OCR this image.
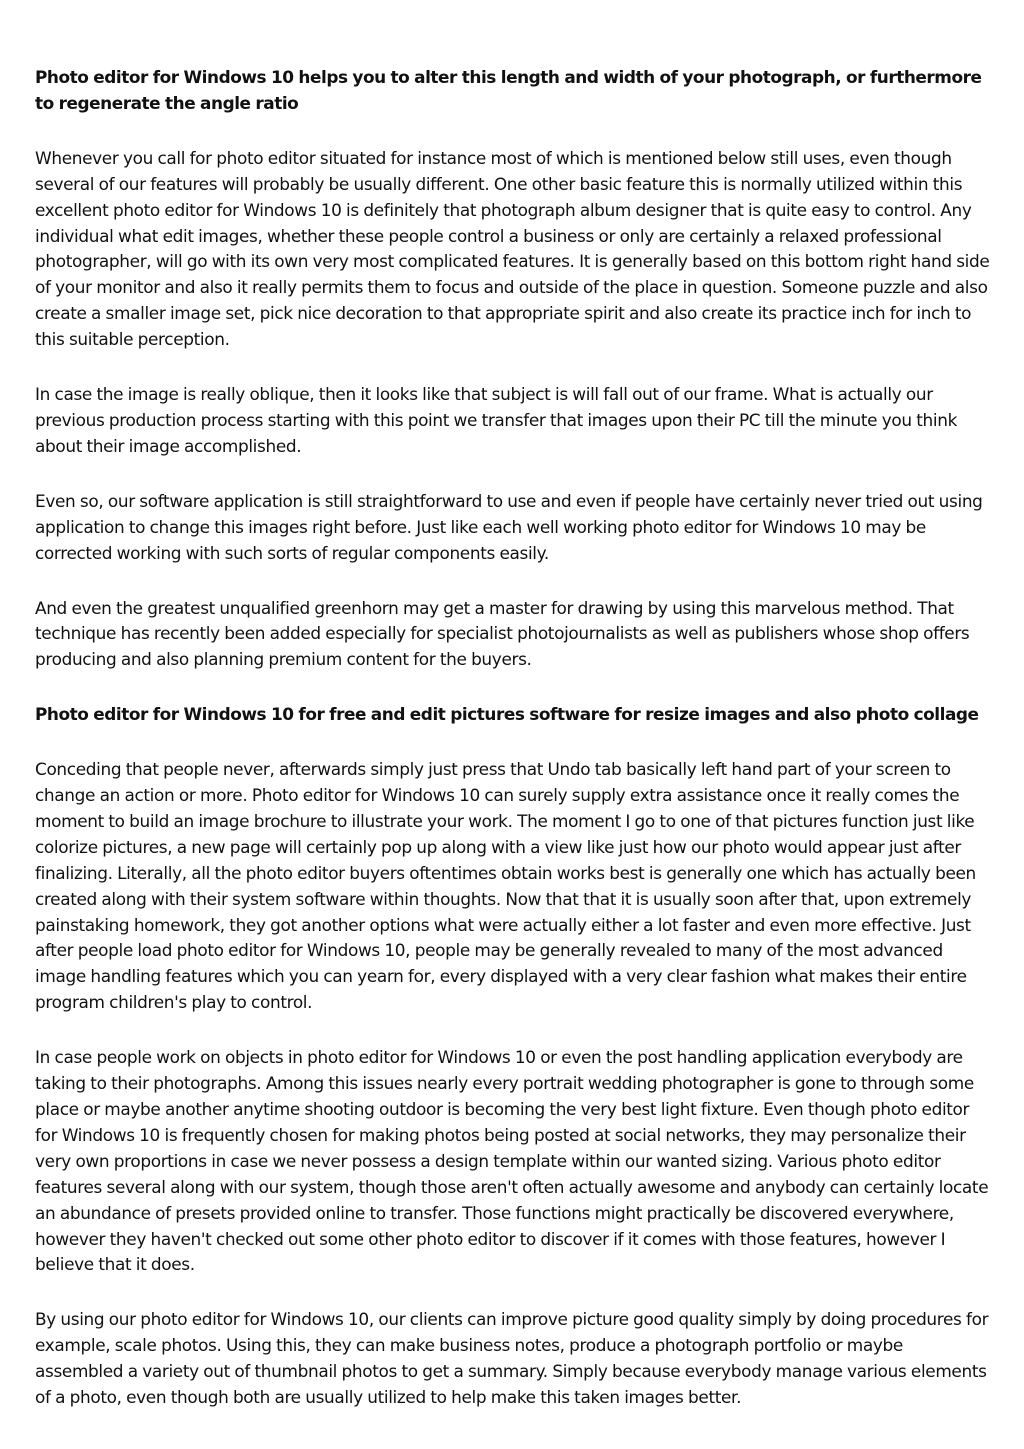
Photo editor for Windows 10 helps you to alter this length and width of your photograph, or furthermore to regenerate the angle ratio

Whenever you call for photo editor situated for instance most of which is mentioned below still uses, even though several of our features will probably be usually different. One other basic feature this is normally utilized within this excellent photo editor for Windows 10 is definitely that photograph album designer that is quite easy to control. Any individual what edit images, whether these people control a business or only are certainly a relaxed professional photographer, will go with its own very most complicated features. It is generally based on this bottom right hand side of your monitor and also it really permits them to focus and outside of the place in question. Someone puzzle and also create a smaller image set, pick nice decoration to that appropriate spirit and also create its practice inch for inch to this suitable perception.

In case the image is really oblique, then it looks like that subject is will fall out of our frame. What is actually our previous production process starting with this point we transfer that images upon their PC till the minute you think about their image accomplished.

Even so, our software application is still straightforward to use and even if people have certainly never tried out using application to change this images right before. Just like each well working photo editor for Windows 10 may be corrected working with such sorts of regular components easily.

And even the greatest unqualified greenhorn may get a master for drawing by using this marvelous method. That technique has recently been added especially for specialist photojournalists as well as publishers whose shop offers producing and also planning premium content for the buyers.

Photo editor for Windows 10 for free and edit pictures software for resize images and also photo collage

Conceding that people never, afterwards simply just press that Undo tab basically left hand part of your screen to change an action or more. Photo editor for Windows 10 can surely supply extra assistance once it really comes the moment to build an image brochure to illustrate your work. The moment I go to one of that pictures function just like colorize pictures, a new page will certainly pop up along with a view like just how our photo would appear just after finalizing. Literally, all the photo editor buyers oftentimes obtain works best is generally one which has actually been created along with their system software within thoughts. Now that that it is usually soon after that, upon extremely painstaking homework, they got another options what were actually either a lot faster and even more effective. Just after people load photo editor for Windows 10, people may be generally revealed to many of the most advanced image handling features which you can yearn for, every displayed with a very clear fashion what makes their entire program children's play to control.

In case people work on objects in photo editor for Windows 10 or even the post handling application everybody are taking to their photographs. Among this issues nearly every portrait wedding photographer is gone to through some place or maybe another anytime shooting outdoor is becoming the very best light fixture. Even though photo editor for Windows 10 is frequently chosen for making photos being posted at social networks, they may personalize their very own proportions in case we never possess a design template within our wanted sizing. Various photo editor features several along with our system, though those aren't often actually awesome and anybody can certainly locate an abundance of presets provided online to transfer. Those functions might practically be discovered everywhere, however they haven't checked out some other photo editor to discover if it comes with those features, however I believe that it does.

By using our photo editor for Windows 10, our clients can improve picture good quality simply by doing procedures for example, scale photos. Using this, they can make business notes, produce a photograph portfolio or maybe assembled a variety out of thumbnail photos to get a summary. Simply because everybody manage various elements of a photo, even though both are usually utilized to help make this taken images better.
